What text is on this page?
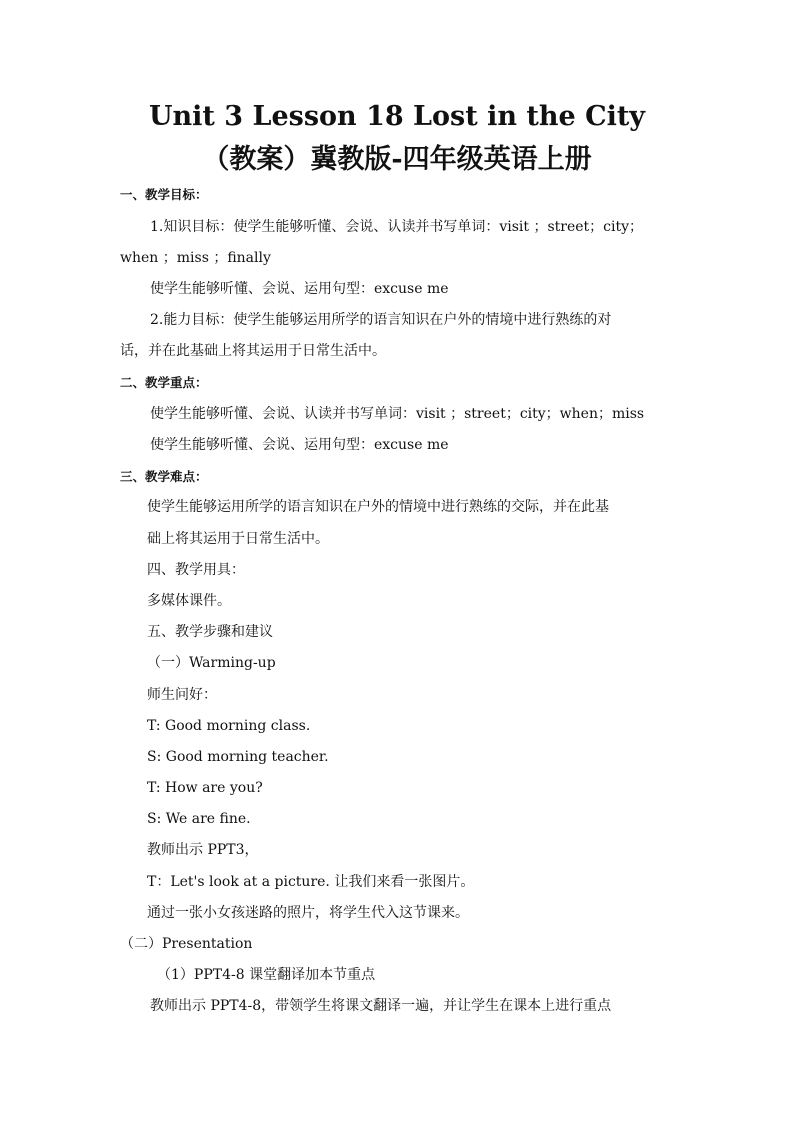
Unit 3 Lesson 18 Lost in the City
（教案）冀教版-四年级英语上册
一、教学目标：
1.知识目标：使学生能够听懂、会说、认读并书写单词：visit ；street；city；
when ；miss ；finally
使学生能够听懂、会说、运用句型：excuse me
2.能力目标：使学生能够运用所学的语言知识在户外的情境中进行熟练的对
话，并在此基础上将其运用于日常生活中。
二、教学重点：
使学生能够听懂、会说、认读并书写单词：visit ；street；city；when；miss
使学生能够听懂、会说、运用句型：excuse me
三、教学难点：
使学生能够运用所学的语言知识在户外的情境中进行熟练的交际，并在此基
础上将其运用于日常生活中。
四、教学用具：
多媒体课件。
五、教学步骤和建议
（一）Warming-up
师生问好：
T: Good morning class.
S: Good morning teacher.
T: How are you?
S: We are fine.
教师出示 PPT3，
T：Let's look at a picture. 让我们来看一张图片。
通过一张小女孩迷路的照片，将学生代入这节课来。
（二）Presentation
（1）PPT4-8 课堂翻译加本节重点
教师出示 PPT4-8，带领学生将课文翻译一遍，并让学生在课本上进行重点
